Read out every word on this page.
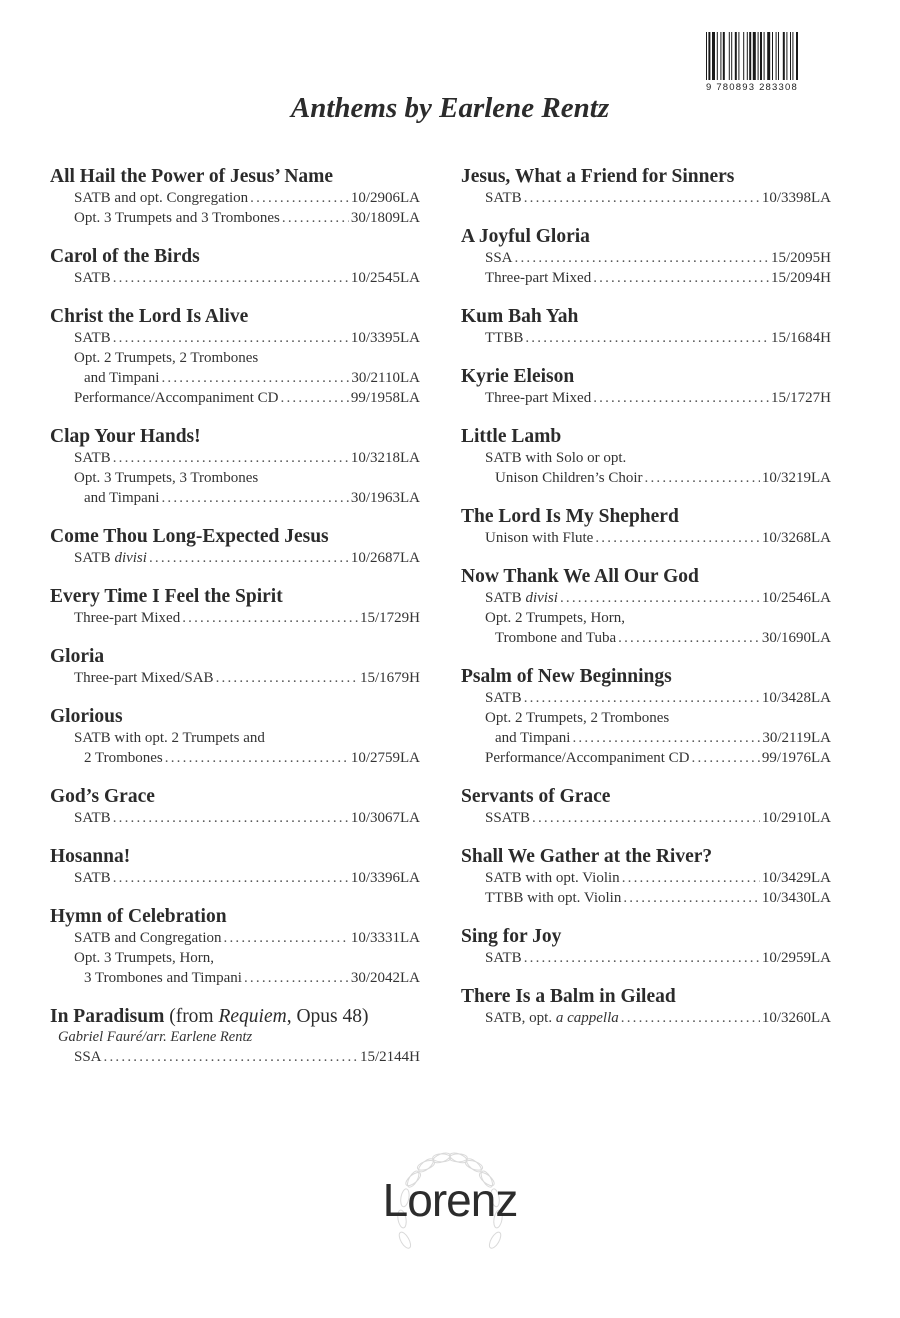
9 780893 283308
Anthems by Earlene Rentz
All Hail the Power of Jesus’ Name
SATB and opt. Congregation .....	10/2906LA
Opt. 3 Trumpets and 3 Trombones .....	30/1809LA
Carol of the Birds
SATB .....	10/2545LA
Christ the Lord Is Alive
SATB .....	10/3395LA
Opt. 2 Trumpets, 2 Trombones
and Timpani .....	30/2110LA
Performance/Accompaniment CD .....	99/1958LA
Clap Your Hands!
SATB .....	10/3218LA
Opt. 3 Trumpets, 3 Trombones
and Timpani .....	30/1963LA
Come Thou Long-Expected Jesus
SATB divisi .....	10/2687LA
Every Time I Feel the Spirit
Three-part Mixed .....	15/1729H
Gloria
Three-part Mixed/SAB .....	15/1679H
Glorious
SATB with opt. 2 Trumpets and
2 Trombones .....	10/2759LA
God’s Grace
SATB .....	10/3067LA
Hosanna!
SATB .....	10/3396LA
Hymn of Celebration
SATB and Congregation .....	10/3331LA
Opt. 3 Trumpets, Horn,
3 Trombones and Timpani .....	30/2042LA
In Paradisum (from Requiem, Opus 48)
Gabriel Fauré/arr. Earlene Rentz
SSA .....	15/2144H
Jesus, What a Friend for Sinners
SATB .....	10/3398LA
A Joyful Gloria
SSA .....	15/2095H
Three-part Mixed .....	15/2094H
Kum Bah Yah
TTBB .....	15/1684H
Kyrie Eleison
Three-part Mixed .....	15/1727H
Little Lamb
SATB with Solo or opt.
Unison Children’s Choir .....	10/3219LA
The Lord Is My Shepherd
Unison with Flute .....	10/3268LA
Now Thank We All Our God
SATB divisi .....	10/2546LA
Opt. 2 Trumpets, Horn,
Trombone and Tuba .....	30/1690LA
Psalm of New Beginnings
SATB .....	10/3428LA
Opt. 2 Trumpets, 2 Trombones
and Timpani .....	30/2119LA
Performance/Accompaniment CD .....	99/1976LA
Servants of Grace
SSATB .....	10/2910LA
Shall We Gather at the River?
SATB with opt. Violin .....	10/3429LA
TTBB with opt. Violin .....	10/3430LA
Sing for Joy
SATB .....	10/2959LA
There Is a Balm in Gilead
SATB, opt. a cappella .....	10/3260LA
Lorenz
